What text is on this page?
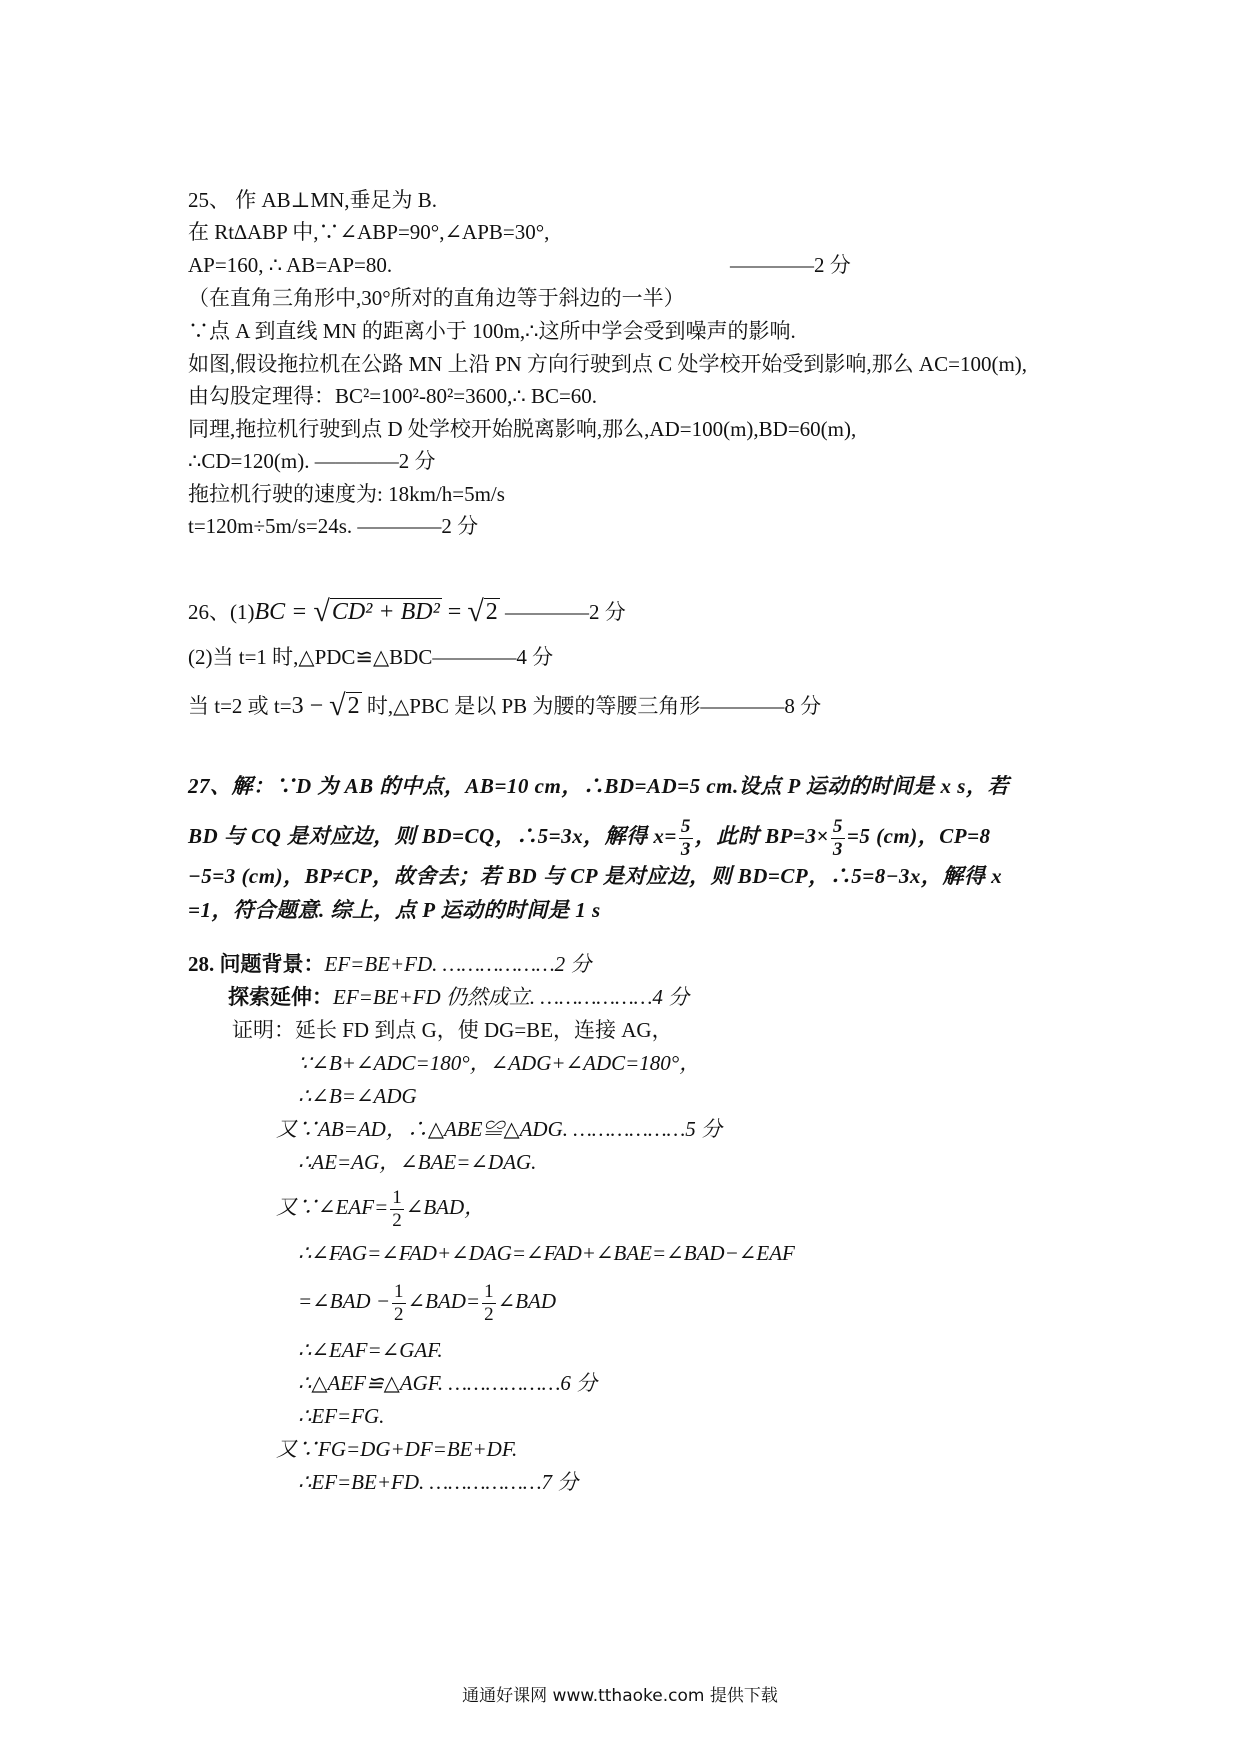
25、 作 AB⊥MN,垂足为 B.
在 Rt∆ABP 中,∵∠ABP=90°,∠APB=30°,
AP=160, ∴ AB=AP=80.	————2 分
（在直角三角形中,30°所对的直角边等于斜边的一半）
∵点 A 到直线 MN 的距离小于 100m,∴这所中学会受到噪声的影响.
如图,假设拖拉机在公路 MN 上沿 PN 方向行驶到点 C 处学校开始受到影响,那么 AC=100(m),
由勾股定理得：BC²=100²-80²=3600,∴ BC=60.
同理,拖拉机行驶到点 D 处学校开始脱离影响,那么,AD=100(m),BD=60(m),
∴CD=120(m). ————2 分
拖拉机行驶的速度为: 18km/h=5m/s
t=120m÷5m/s=24s. ————2 分
26、(1)BC = √CD² + BD² = √2 ————2 分
(2)当 t=1 时,△PDC≌△BDC————4 分
当 t=2 或 t=3 − √2 时,△PBC 是以 PB 为腰的等腰三角形————8 分
27、解：∵D 为 AB 的中点，AB=10 cm，∴BD=AD=5 cm.设点 P 运动的时间是 x s，若
BD 与 CQ 是对应边，则 BD=CQ，∴5=3x，解得 $x= \frac{5}{3}$ ，此时 $BP=3\times \frac{5}{3} =5$ (cm)，CP=8
−5=3 (cm)，BP≠CP，故舍去；若 BD 与 CP 是对应边，则 BD=CP，∴5=8−3x，解得 x
=1，符合题意. 综上，点 P 运动的时间是 1 s
28. 问题背景：EF=BE+FD. ………………2 分
探索延伸：EF=BE+FD 仍然成立. ………………4 分
证明：延长 FD 到点 G，使 DG=BE，连接 AG，
∵∠B+∠ADC=180°，∠ADG+∠ADC=180°，
∴∠B=∠ADG
又∵AB=AD，∴△ABE≌△ADG. ………………5 分
∴AE=AG，∠BAE=∠DAG.
又∵∠EAF= $\frac{1}{2}$ ∠BAD，
∴∠FAG=∠FAD+∠DAG=∠FAD+∠BAE=∠BAD−∠EAF
=∠BAD − $\frac{1}{2}$ ∠BAD= $\frac{1}{2}$ ∠BAD
∴∠EAF=∠GAF.
∴△AEF≌△AGF. ………………6 分
∴EF=FG.
又∵FG=DG+DF=BE+DF.
∴EF=BE+FD. ………………7 分
通通好课网 www.tthaoke.com 提供下载
